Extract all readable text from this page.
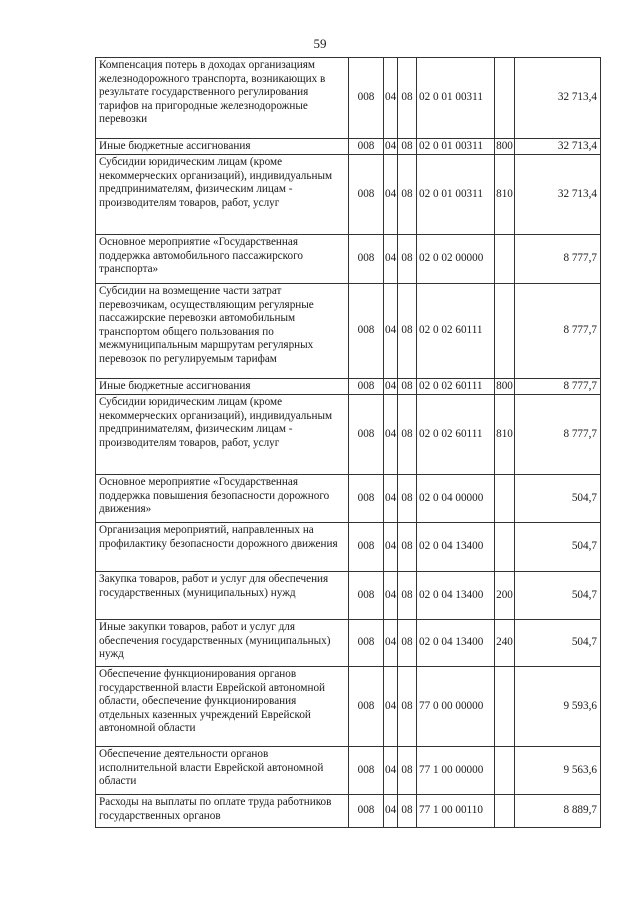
59
Компенсация потерь в доходах организациям железнодорожного транспорта, возникающих в результате государственного регулирования тарифов на пригородные железнодорожные перевозки	008	04	08	02 0 01 00311		32 713,4
Иные бюджетные ассигнования	008	04	08	02 0 01 00311	800	32 713,4
Субсидии юридическим лицам (кроме некоммерческих организаций), индивидуальным предпринимателям, физическим лицам - производителям товаров, работ, услуг	008	04	08	02 0 01 00311	810	32 713,4
Основное мероприятие «Государственная поддержка автомобильного пассажирского транспорта»	008	04	08	02 0 02 00000		8 777,7
Субсидии на возмещение части затрат перевозчикам, осуществляющим регулярные пассажирские перевозки автомобильным транспортом общего пользования по межмуниципальным маршрутам регулярных перевозок по регулируемым тарифам	008	04	08	02 0 02 60111		8 777,7
Иные бюджетные ассигнования	008	04	08	02 0 02 60111	800	8 777,7
Субсидии юридическим лицам (кроме некоммерческих организаций), индивидуальным предпринимателям, физическим лицам - производителям товаров, работ, услуг	008	04	08	02 0 02 60111	810	8 777,7
Основное мероприятие «Государственная поддержка повышения безопасности дорожного движения»	008	04	08	02 0 04 00000		504,7
Организация мероприятий, направленных на профилактику безопасности дорожного движения	008	04	08	02 0 04 13400		504,7
Закупка товаров, работ и услуг для обеспечения государственных (муниципальных) нужд	008	04	08	02 0 04 13400	200	504,7
Иные закупки товаров, работ и услуг для обеспечения государственных (муниципальных) нужд	008	04	08	02 0 04 13400	240	504,7
Обеспечение функционирования органов государственной власти Еврейской автономной области, обеспечение функционирования отдельных казенных учреждений Еврейской автономной области	008	04	08	77 0 00 00000		9 593,6
Обеспечение деятельности органов исполнительной власти Еврейской автономной области	008	04	08	77 1 00 00000		9 563,6
Расходы на выплаты по оплате труда работников государственных органов	008	04	08	77 1 00 00110		8 889,7
